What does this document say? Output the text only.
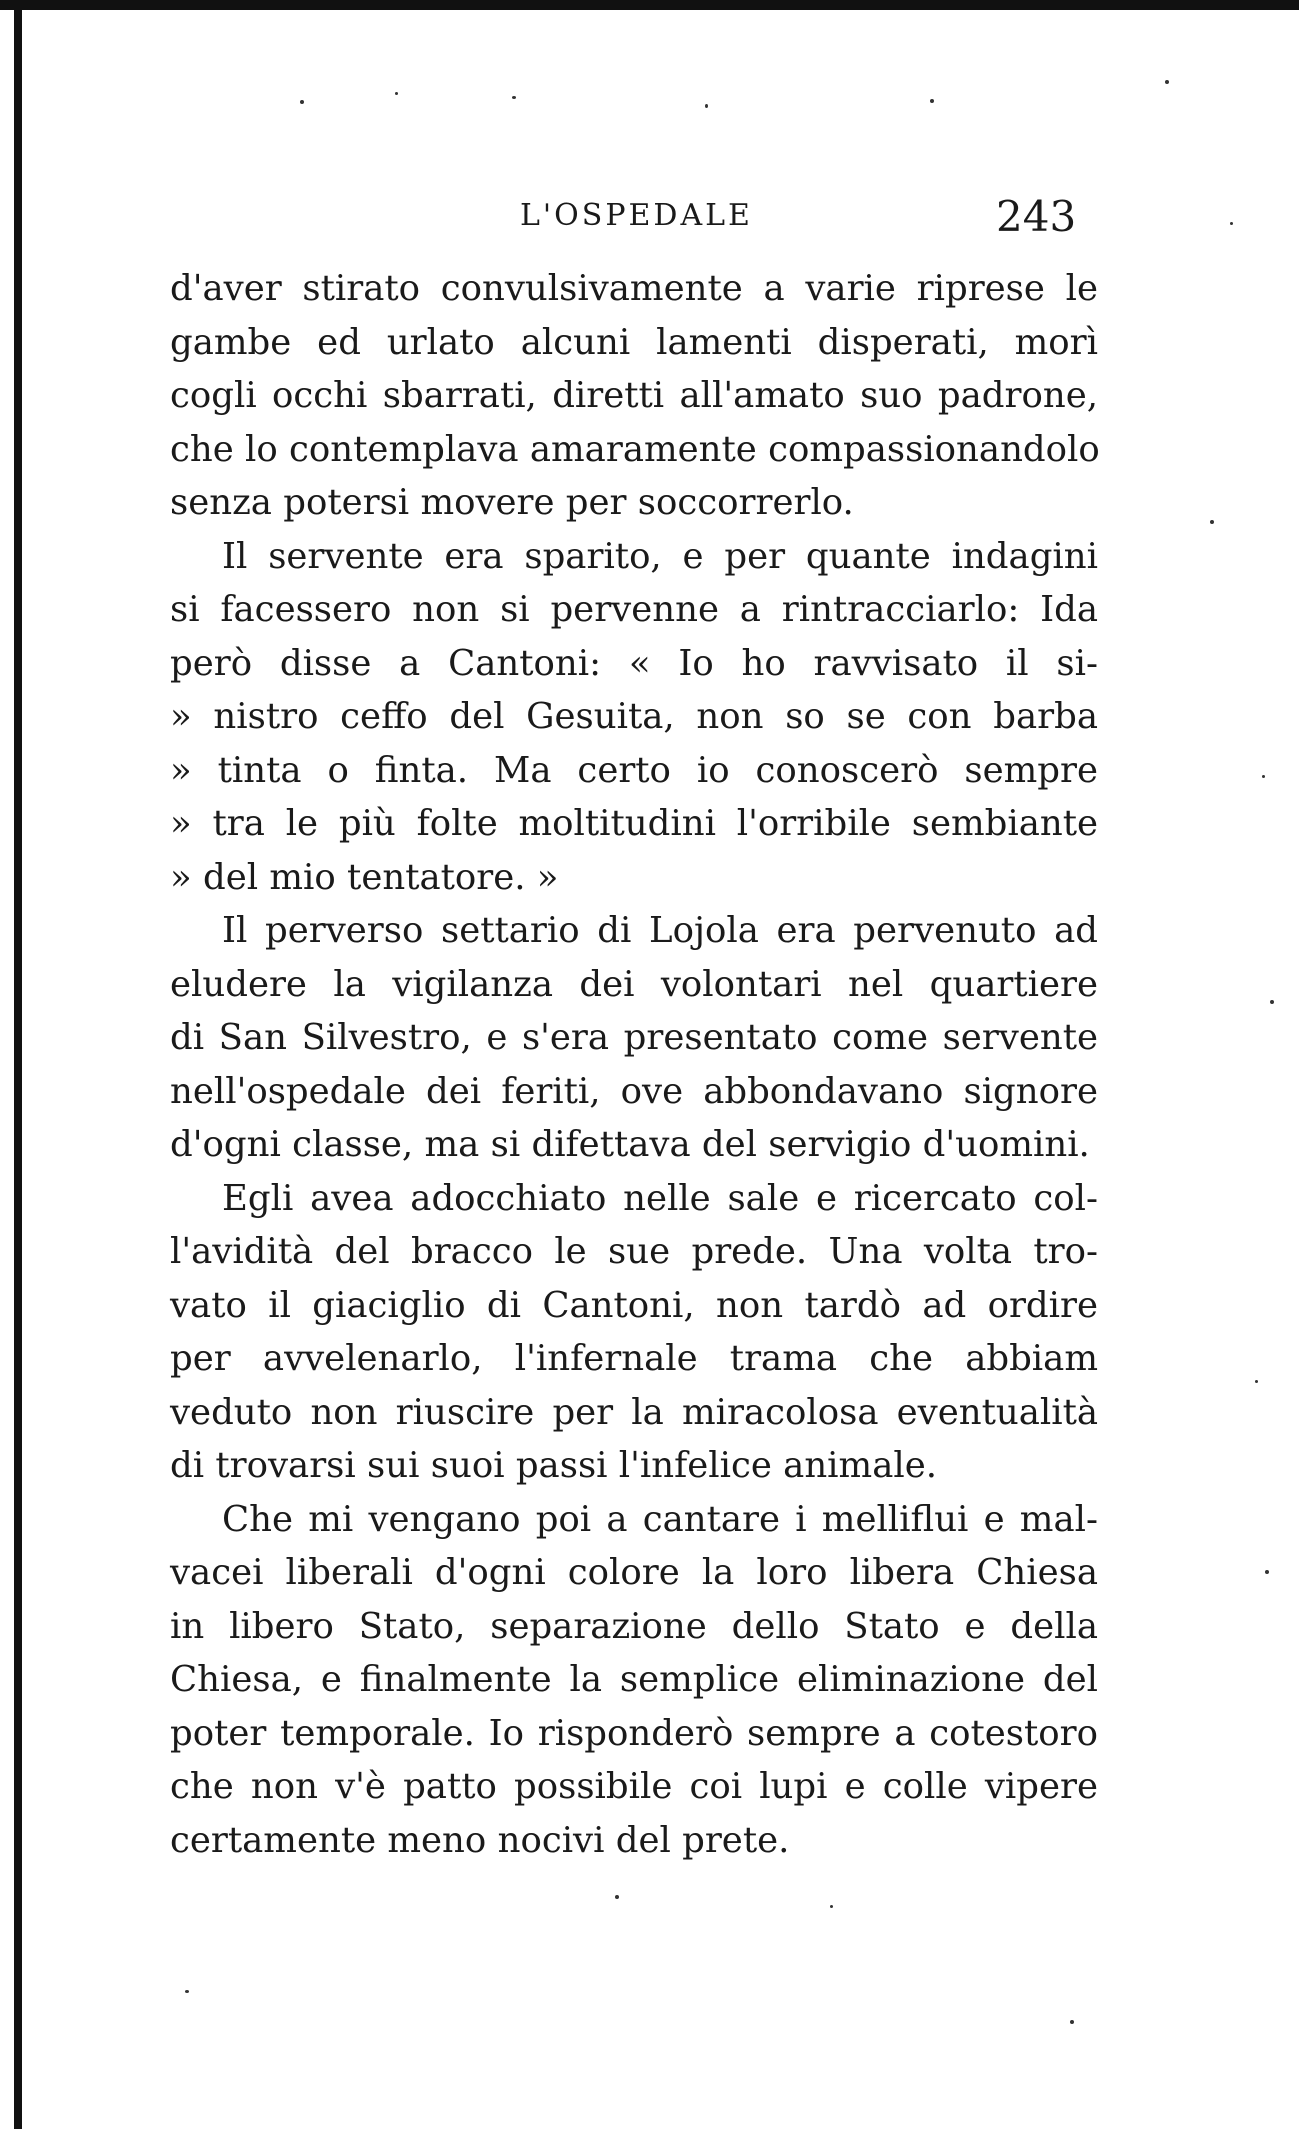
L'OSPEDALE	243
d'aver stirato convulsivamente a varie riprese le
gambe ed urlato alcuni lamenti disperati, morì
cogli occhi sbarrati, diretti all'amato suo padrone,
che lo contemplava amaramente compassionandolo
senza potersi movere per soccorrerlo.
Il servente era sparito, e per quante indagini
si facessero non si pervenne a rintracciarlo: Ida
però disse a Cantoni: « Io ho ravvisato il si-
» nistro ceffo del Gesuita, non so se con barba
» tinta o finta. Ma certo io conoscerò sempre
» tra le più folte moltitudini l'orribile sembiante
» del mio tentatore. »
Il perverso settario di Lojola era pervenuto ad
eludere la vigilanza dei volontari nel quartiere
di San Silvestro, e s'era presentato come servente
nell'ospedale dei feriti, ove abbondavano signore
d'ogni classe, ma si difettava del servigio d'uomini.
Egli avea adocchiato nelle sale e ricercato col-
l'avidità del bracco le sue prede. Una volta tro-
vato il giaciglio di Cantoni, non tardò ad ordire
per avvelenarlo, l'infernale trama che abbiam
veduto non riuscire per la miracolosa eventualità
di trovarsi sui suoi passi l'infelice animale.
Che mi vengano poi a cantare i melliflui e mal-
vacei liberali d'ogni colore la loro libera Chiesa
in libero Stato, separazione dello Stato e della
Chiesa, e finalmente la semplice eliminazione del
poter temporale. Io risponderò sempre a cotestoro
che non v'è patto possibile coi lupi e colle vipere
certamente meno nocivi del prete.
